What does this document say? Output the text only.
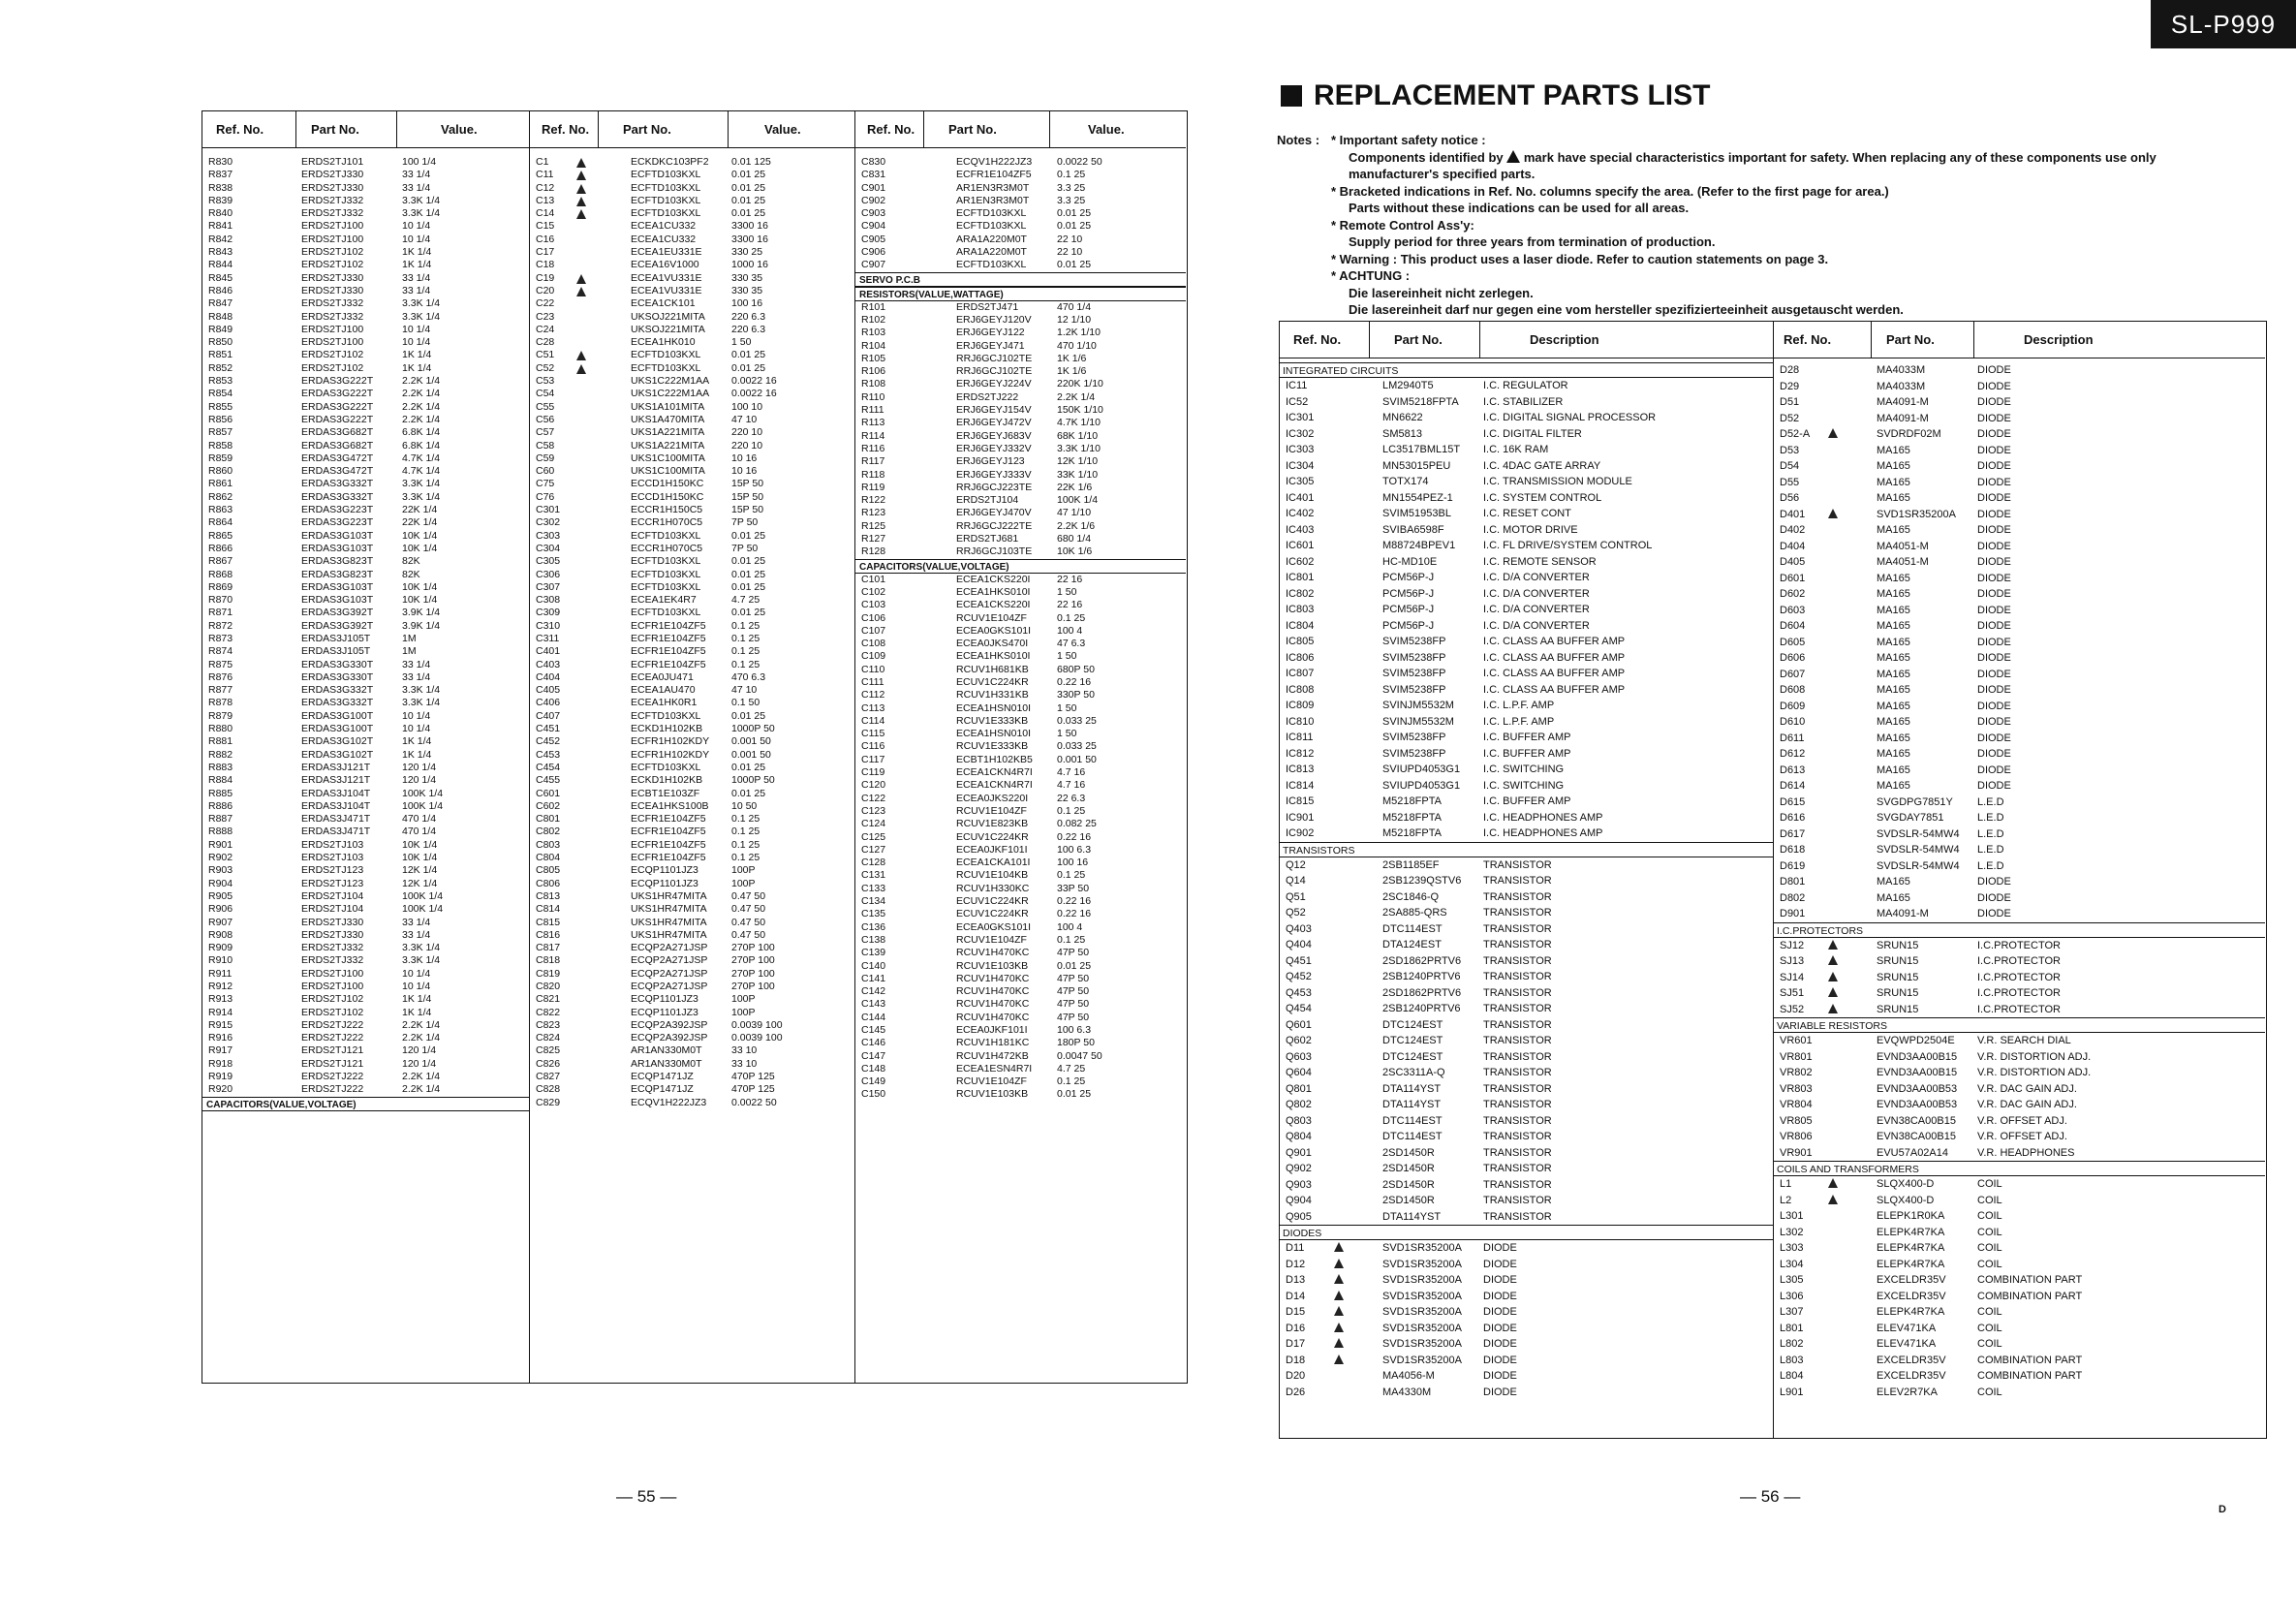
SL-P999
REPLACEMENT PARTS LIST
Notes : * Important safety notice :
Components identified by mark have special characteristics important for safety. When replacing any of these components use only
manufacturer's specified parts.
* Bracketed indications in Ref. No. columns specify the area. (Refer to the first page for area.)
Parts without these indications can be used for all areas.
* Remote Control Ass'y:
Supply period for three years from termination of production.
* Warning : This product uses a laser diode. Refer to caution statements on page 3.
* ACHTUNG :
Die lasereinheit nicht zerlegen.
Die lasereinheit darf nur gegen eine vom hersteller spezifizierteeinheit ausgetauscht werden.
Ref. No.	Part No.	Value.
R830	ERDS2TJ101	100 1/4
R837	ERDS2TJ330	33 1/4
R838	ERDS2TJ330	33 1/4
R839	ERDS2TJ332	3.3K 1/4
R840	ERDS2TJ332	3.3K 1/4
R841	ERDS2TJ100	10 1/4
R842	ERDS2TJ100	10 1/4
R843	ERDS2TJ102	1K 1/4
R844	ERDS2TJ102	1K 1/4
R845	ERDS2TJ330	33 1/4
R846	ERDS2TJ330	33 1/4
R847	ERDS2TJ332	3.3K 1/4
R848	ERDS2TJ332	3.3K 1/4
R849	ERDS2TJ100	10 1/4
R850	ERDS2TJ100	10 1/4
R851	ERDS2TJ102	1K 1/4
R852	ERDS2TJ102	1K 1/4
R853	ERDAS3G222T	2.2K 1/4
R854	ERDAS3G222T	2.2K 1/4
R855	ERDAS3G222T	2.2K 1/4
R856	ERDAS3G222T	2.2K 1/4
R857	ERDAS3G682T	6.8K 1/4
R858	ERDAS3G682T	6.8K 1/4
R859	ERDAS3G472T	4.7K 1/4
R860	ERDAS3G472T	4.7K 1/4
R861	ERDAS3G332T	3.3K 1/4
R862	ERDAS3G332T	3.3K 1/4
R863	ERDAS3G223T	22K 1/4
R864	ERDAS3G223T	22K 1/4
R865	ERDAS3G103T	10K 1/4
R866	ERDAS3G103T	10K 1/4
R867	ERDAS3G823T	82K
R868	ERDAS3G823T	82K
R869	ERDAS3G103T	10K 1/4
R870	ERDAS3G103T	10K 1/4
R871	ERDAS3G392T	3.9K 1/4
R872	ERDAS3G392T	3.9K 1/4
R873	ERDAS3J105T	1M
R874	ERDAS3J105T	1M
R875	ERDAS3G330T	33 1/4
R876	ERDAS3G330T	33 1/4
R877	ERDAS3G332T	3.3K 1/4
R878	ERDAS3G332T	3.3K 1/4
R879	ERDAS3G100T	10 1/4
R880	ERDAS3G100T	10 1/4
R881	ERDAS3G102T	1K 1/4
R882	ERDAS3G102T	1K 1/4
R883	ERDAS3J121T	120 1/4
R884	ERDAS3J121T	120 1/4
R885	ERDAS3J104T	100K 1/4
R886	ERDAS3J104T	100K 1/4
R887	ERDAS3J471T	470 1/4
R888	ERDAS3J471T	470 1/4
R901	ERDS2TJ103	10K 1/4
R902	ERDS2TJ103	10K 1/4
R903	ERDS2TJ123	12K 1/4
R904	ERDS2TJ123	12K 1/4
R905	ERDS2TJ104	100K 1/4
R906	ERDS2TJ104	100K 1/4
R907	ERDS2TJ330	33 1/4
R908	ERDS2TJ330	33 1/4
R909	ERDS2TJ332	3.3K 1/4
R910	ERDS2TJ332	3.3K 1/4
R911	ERDS2TJ100	10 1/4
R912	ERDS2TJ100	10 1/4
R913	ERDS2TJ102	1K 1/4
R914	ERDS2TJ102	1K 1/4
R915	ERDS2TJ222	2.2K 1/4
R916	ERDS2TJ222	2.2K 1/4
R917	ERDS2TJ121	120 1/4
R918	ERDS2TJ121	120 1/4
R919	ERDS2TJ222	2.2K 1/4
R920	ERDS2TJ222	2.2K 1/4
CAPACITORS(VALUE,VOLTAGE)
Ref. No.	Part No.	Value.
C1	ECKDKC103PF2 0.01 125
C11	ECFTD103KXL	0.01 25
C12	ECFTD103KXL	0.01 25
C13	ECFTD103KXL	0.01 25
C14	ECFTD103KXL	0.01 25
C15	ECEA1CU332	3300 16
C16	ECEA1CU332	3300 16
C17	ECEA1EU331E	330 25
C18	ECEA16V1000	1000 16
C19	ECEA1VU331E	330 35
C20	ECEA1VU331E	330 35
C22	ECEA1CK101	100 16
C23	UKSOJ221MITA	220 6.3
C24	UKSOJ221MITA	220 6.3
C28	ECEA1HK010	1 50
C51	ECFTD103KXL	0.01 25
C52	ECFTD103KXL	0.01 25
C53	UKS1C222M1AA 0.0022 16
C54	UKS1C222M1AA 0.0022 16
C55	UKS1A101MITA	100 10
C56	UKS1A470MITA	47 10
C57	UKS1A221MITA	220 10
C58	UKS1A221MITA	220 10
C59	UKS1C100MITA	10 16
C60	UKS1C100MITA	10 16
C75	ECCD1H150KC	15P 50
C76	ECCD1H150KC	15P 50
C301	ECCR1H150C5	15P 50
C302	ECCR1H070C5	7P 50
C303	ECFTD103KXL	0.01 25
C304	ECCR1H070C5	7P 50
C305	ECFTD103KXL	0.01 25
C306	ECFTD103KXL	0.01 25
C307	ECFTD103KXL	0.01 25
C308	ECEA1EK4R7	4.7 25
C309	ECFTD103KXL	0.01 25
C310	ECFR1E104ZF5	0.1 25
C311	ECFR1E104ZF5	0.1 25
C401	ECFR1E104ZF5	0.1 25
C403	ECFR1E104ZF5	0.1 25
C404	ECEA0JU471	470 6.3
C405	ECEA1AU470	47 10
C406	ECEA1HK0R1	0.1 50
C407	ECFTD103KXL	0.01 25
C451	ECKD1H102KB	1000P 50
C452	ECFR1H102KDY 0.001 50
C453	ECFR1H102KDY 0.001 50
C454	ECFTD103KXL	0.01 25
C455	ECKD1H102KB	1000P 50
C601	ECBT1E103ZF	0.01 25
C602	ECEA1HKS100B 10 50
C801	ECFR1E104ZF5	0.1 25
C802	ECFR1E104ZF5	0.1 25
C803	ECFR1E104ZF5	0.1 25
C804	ECFR1E104ZF5	0.1 25
C805	ECQP1101JZ3	100P
C806	ECQP1101JZ3	100P
C813	UKS1HR47MITA 0.47 50
C814	UKS1HR47MITA 0.47 50
C815	UKS1HR47MITA 0.47 50
C816	UKS1HR47MITA 0.47 50
C817	ECQP2A271JSP 270P 100
C818	ECQP2A271JSP 270P 100
C819	ECQP2A271JSP 270P 100
C820	ECQP2A271JSP 270P 100
C821	ECQP1101JZ3	100P
C822	ECQP1101JZ3	100P
C823	ECQP2A392JSP 0.0039 100
C824	ECQP2A392JSP 0.0039 100
C825	AR1AN330M0T	33 10
C826	AR1AN330M0T	33 10
C827	ECQP1471JZ	470P 125
C828	ECQP1471JZ	470P 125
C829	ECQV1H222JZ3 0.0022 50
Ref. No.	Part No.	Value.
C830	ECQV1H222JZ3 0.0022 50
C831	ECFR1E104ZF5	0.1 25
C901	AR1EN3R3M0T	3.3 25
C902	AR1EN3R3M0T	3.3 25
C903	ECFTD103KXL	0.01 25
C904	ECFTD103KXL	0.01 25
C905	ARA1A220M0T	22 10
C906	ARA1A220M0T	22 10
C907	ECFTD103KXL	0.01 25
SERVO P.C.B
RESISTORS(VALUE,WATTAGE)
R101	ERDS2TJ471	470 1/4
R102	ERJ6GEYJ120V	12 1/10
R103	ERJ6GEYJ122	1.2K 1/10
R104	ERJ6GEYJ471	470 1/10
R105	RRJ6GCJ102TE 1K 1/6
R106	RRJ6GCJ102TE 1K 1/6
R108	ERJ6GEYJ224V	220K 1/10
R110	ERDS2TJ222	2.2K 1/4
R111	ERJ6GEYJ154V	150K 1/10
R113	ERJ6GEYJ472V	4.7K 1/10
R114	ERJ6GEYJ683V	68K 1/10
R116	ERJ6GEYJ332V	3.3K 1/10
R117	ERJ6GEYJ123	12K 1/10
R118	ERJ6GEYJ333V	33K 1/10
R119	RRJ6GCJ223TE 22K 1/6
R122	ERDS2TJ104	100K 1/4
R123	ERJ6GEYJ470V	47 1/10
R125	RRJ6GCJ222TE 2.2K 1/6
R127	ERDS2TJ681	680 1/4
R128	RRJ6GCJ103TE 10K 1/6
CAPACITORS(VALUE,VOLTAGE)
C101	ECEA1CKS220I	22 16
C102	ECEA1HKS010I	1 50
C103	ECEA1CKS220I	22 16
C106	RCUV1E104ZF	0.1 25
C107	ECEA0GKS101I	100 4
C108	ECEA0JKS470I	47 6.3
C109	ECEA1HKS010I	1 50
C110	RCUV1H681KB	680P 50
C111	ECUV1C224KR	0.22 16
C112	RCUV1H331KB	330P 50
C113	ECEA1HSN010I	1 50
C114	RCUV1E333KB	0.033 25
C115	ECEA1HSN010I	1 50
C116	RCUV1E333KB	0.033 25
C117	ECBT1H102KB5 0.001 50
C119	ECEA1CKN4R7I 4.7 16
C120	ECEA1CKN4R7I 4.7 16
C122	ECEA0JKS220I	22 6.3
C123	RCUV1E104ZF	0.1 25
C124	RCUV1E823KB	0.082 25
C125	ECUV1C224KR	0.22 16
C127	ECEA0JKF101I	100 6.3
C128	ECEA1CKA101I	100 16
C131	RCUV1E104KB	0.1 25
C133	RCUV1H330KC	33P 50
C134	ECUV1C224KR	0.22 16
C135	ECUV1C224KR	0.22 16
C136	ECEA0GKS101I	100 4
C138	RCUV1E104ZF	0.1 25
C139	RCUV1H470KC	47P 50
C140	RCUV1E103KB	0.01 25
C141	RCUV1H470KC	47P 50
C142	RCUV1H470KC	47P 50
C143	RCUV1H470KC	47P 50
C144	RCUV1H470KC	47P 50
C145	ECEA0JKF101I	100 6.3
C146	RCUV1H181KC	180P 50
C147	RCUV1H472KB	0.0047 50
C148	ECEA1ESN4R7I 4.7 25
C149	RCUV1E104ZF	0.1 25
C150	RCUV1E103KB	0.01 25
Ref. No.	Part No.	Description
INTEGRATED CIRCUITS
IC11	LM2940T5	I.C. REGULATOR
IC52	SVIM5218FPTA I.C. STABILIZER
IC301	MN6622	I.C. DIGITAL SIGNAL PROCESSOR
IC302	SM5813	I.C. DIGITAL FILTER
IC303	LC3517BML15T I.C. 16K RAM
IC304	MN53015PEU	I.C. 4DAC GATE ARRAY
IC305	TOTX174	I.C. TRANSMISSION MODULE
IC401	MN1554PEZ-1	I.C. SYSTEM CONTROL
IC402	SVIM51953BL	I.C. RESET CONT
IC403	SVIBA6598F	I.C. MOTOR DRIVE
IC601	M88724BPEV1	I.C. FL DRIVE/SYSTEM CONTROL
IC602	HC-MD10E	I.C. REMOTE SENSOR
IC801	PCM56P-J	I.C. D/A CONVERTER
IC802	PCM56P-J	I.C. D/A CONVERTER
IC803	PCM56P-J	I.C. D/A CONVERTER
IC804	PCM56P-J	I.C. D/A CONVERTER
IC805	SVIM5238FP	I.C. CLASS AA BUFFER AMP
IC806	SVIM5238FP	I.C. CLASS AA BUFFER AMP
IC807	SVIM5238FP	I.C. CLASS AA BUFFER AMP
IC808	SVIM5238FP	I.C. CLASS AA BUFFER AMP
IC809	SVINJM5532M	I.C. L.P.F. AMP
IC810	SVINJM5532M	I.C. L.P.F. AMP
IC811	SVIM5238FP	I.C. BUFFER AMP
IC812	SVIM5238FP	I.C. BUFFER AMP
IC813	SVIUPD4053G1 I.C. SWITCHING
IC814	SVIUPD4053G1 I.C. SWITCHING
IC815	M5218FPTA	I.C. BUFFER AMP
IC901	M5218FPTA	I.C. HEADPHONES AMP
IC902	M5218FPTA	I.C. HEADPHONES AMP
TRANSISTORS
Q12	2SB1185EF	TRANSISTOR
Q14	2SB1239QSTV6 TRANSISTOR
Q51	2SC1846-Q	TRANSISTOR
Q52	2SA885-QRS	TRANSISTOR
Q403	DTC114EST	TRANSISTOR
Q404	DTA124EST	TRANSISTOR
Q451	2SD1862PRTV6 TRANSISTOR
Q452	2SB1240PRTV6 TRANSISTOR
Q453	2SD1862PRTV6 TRANSISTOR
Q454	2SB1240PRTV6 TRANSISTOR
Q601	DTC124EST	TRANSISTOR
Q602	DTC124EST	TRANSISTOR
Q603	DTC124EST	TRANSISTOR
Q604	2SC3311A-Q	TRANSISTOR
Q801	DTA114YST	TRANSISTOR
Q802	DTA114YST	TRANSISTOR
Q803	DTC114EST	TRANSISTOR
Q804	DTC114EST	TRANSISTOR
Q901	2SD1450R	TRANSISTOR
Q902	2SD1450R	TRANSISTOR
Q903	2SD1450R	TRANSISTOR
Q904	2SD1450R	TRANSISTOR
Q905	DTA114YST	TRANSISTOR
DIODES
D11	SVD1SR35200A DIODE
D12	SVD1SR35200A DIODE
D13	SVD1SR35200A DIODE
D14	SVD1SR35200A DIODE
D15	SVD1SR35200A DIODE
D16	SVD1SR35200A DIODE
D17	SVD1SR35200A DIODE
D18	SVD1SR35200A DIODE
D20	MA4056-M	DIODE
D26	MA4330M	DIODE
Ref. No.	Part No.	Description
D28	MA4033M	DIODE
D29	MA4033M	DIODE
D51	MA4091-M	DIODE
D52	MA4091-M	DIODE
D52-A	SVDRDF02M	DIODE
D53	MA165	DIODE
D54	MA165	DIODE
D55	MA165	DIODE
D56	MA165	DIODE
D401	SVD1SR35200A DIODE
D402	MA165	DIODE
D404	MA4051-M	DIODE
D405	MA4051-M	DIODE
D601	MA165	DIODE
D602	MA165	DIODE
D603	MA165	DIODE
D604	MA165	DIODE
D605	MA165	DIODE
D606	MA165	DIODE
D607	MA165	DIODE
D608	MA165	DIODE
D609	MA165	DIODE
D610	MA165	DIODE
D611	MA165	DIODE
D612	MA165	DIODE
D613	MA165	DIODE
D614	MA165	DIODE
D615	SVGDPG7851Y L.E.D
D616	SVGDAY7851	L.E.D
D617	SVDSLR-54MW4 L.E.D
D618	SVDSLR-54MW4 L.E.D
D619	SVDSLR-54MW4 L.E.D
D801	MA165	DIODE
D802	MA165	DIODE
D901	MA4091-M	DIODE
I.C.PROTECTORS
SJ12	SRUN15	I.C.PROTECTOR
SJ13	SRUN15	I.C.PROTECTOR
SJ14	SRUN15	I.C.PROTECTOR
SJ51	SRUN15	I.C.PROTECTOR
SJ52	SRUN15	I.C.PROTECTOR
VARIABLE RESISTORS
VR601	EVQWPD2504E V.R. SEARCH DIAL
VR801	EVND3AA00B15 V.R. DISTORTION ADJ.
VR802	EVND3AA00B15 V.R. DISTORTION ADJ.
VR803	EVND3AA00B53 V.R. DAC GAIN ADJ.
VR804	EVND3AA00B53 V.R. DAC GAIN ADJ.
VR805	EVN38CA00B15 V.R. OFFSET ADJ.
VR806	EVN38CA00B15 V.R. OFFSET ADJ.
VR901	EVU57A02A14	V.R. HEADPHONES
COILS AND TRANSFORMERS
L1	SLQX400-D	COIL
L2	SLQX400-D	COIL
L301	ELEPK1R0KA	COIL
L302	ELEPK4R7KA	COIL
L303	ELEPK4R7KA	COIL
L304	ELEPK4R7KA	COIL
L305	EXCELDR35V	COMBINATION PART
L306	EXCELDR35V	COMBINATION PART
L307	ELEPK4R7KA	COIL
L801	ELEV471KA	COIL
L802	ELEV471KA	COIL
L803	EXCELDR35V	COMBINATION PART
L804	EXCELDR35V	COMBINATION PART
L901	ELEV2R7KA	COIL
— 55 —	— 56 —
D
